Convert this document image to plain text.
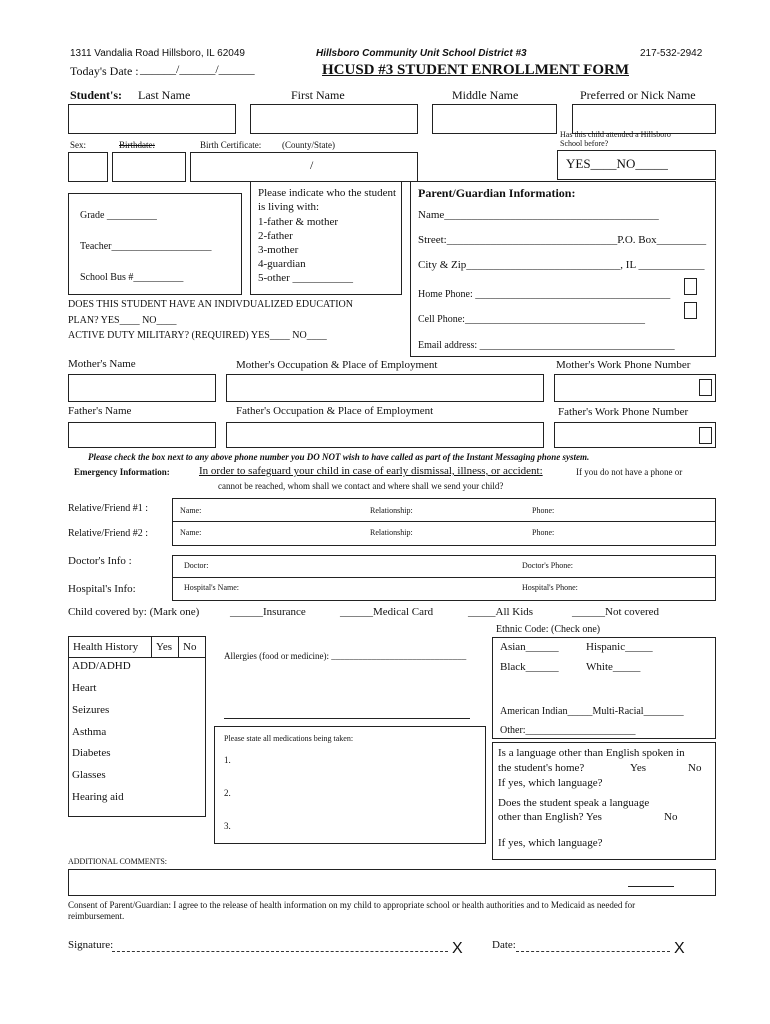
1311 Vandalia Road Hillsboro, IL 62049	Hillsboro Community Unit School District #3	217-532-2942
Today's Date : ______/______/______	HCUSD #3 STUDENT ENROLLMENT FORM
Student's: Last Name	First Name	Middle Name	Preferred or Nick Name
Sex:	Birthdate:	Birth Certificate: (County/State)
Has this child attended a Hillsboro School before?
/	YES____NO_____
Grade __________
Teacher____________________
School Bus #__________
Please indicate who the student is living with:
1-father & mother
2-father
3-mother
4-guardian
5-other ___________
Parent/Guardian Information:
Name_______________________________________
Street:_______________________________P.O. Box_________
City & Zip____________________________, IL ____________
Home Phone: _______________________________________
Cell Phone:____________________________________
Email address: _______________________________________
DOES THIS STUDENT HAVE AN INDIVDUALIZED EDUCATION
PLAN? YES____ NO____
ACTIVE DUTY MILITARY? (REQUIRED) YES____ NO____
Mother's Name	Mother's Occupation & Place of Employment	Mother's Work Phone Number
Father's Name	Father's Occupation & Place of Employment	Father's Work Phone Number
Please check the box next to any above phone number you DO NOT wish to have called as part of the Instant Messaging phone system.
Emergency Information:	In order to safeguard your child in case of early dismissal, illness, or accident:	If you do not have a phone or
cannot be reached, whom shall we contact and where shall we send your child?
Relative/Friend #1 :
Relative/Friend #2 :
Name:	Relationship:	Phone:
Name:	Relationship:	Phone:
Doctor's Info :
Hospital's Info:
Doctor:	Doctor's Phone:
Hospital's Name:	Hospital's Phone:
Child covered by: (Mark one)	______Insurance	______Medical Card	_____All Kids	______Not covered
Health History	Yes	No
ADD/ADHD
Heart
Seizures
Asthma
Diabetes
Glasses
Hearing aid
Allergies (food or medicine): ______________________________
Please state all medications being taken:
1.
2.
3.
Ethnic Code: (Check one)
Asian______ Hispanic_____
Black______ White_____
American Indian_____Multi-Racial________
Other:______________________
Is a language other than English spoken in
the student's home?	Yes	No
If yes, which language?
Does the student speak a language
other than English? Yes	No
If yes, which language?
ADDITIONAL COMMENTS:
Consent of Parent/Guardian: I agree to the release of health information on my child to appropriate school or health authorities and to Medicaid as needed for reimbursement.
Signature:	X	Date:	X
